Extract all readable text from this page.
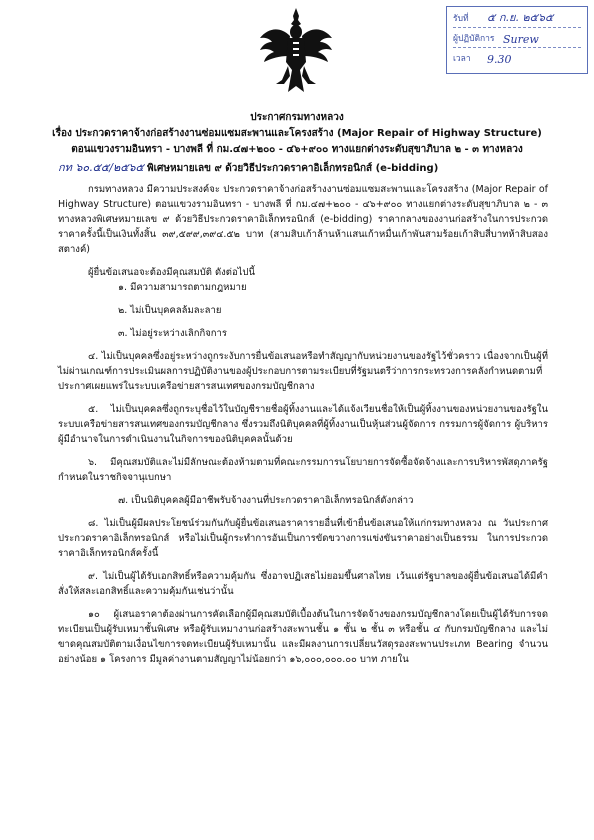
รับที่ ๕ ก.ย. ๒๕๖๕
ผู้ปฏิบัติการ Surew
เวลา 9.30
ประกาศกรมทางหลวง
เรื่อง ประกวดราคาจ้างก่อสร้างงานซ่อมแซมสะพานและโครงสร้าง (Major Repair of Highway Structure)
ตอนแขวงรามอินทรา - บางพลี ที่ กม.๔๗+๒๐๐ - ๔๖+๙๐๐ ทางแยกต่างระดับสุขาภิบาล ๒ - ๓ ทางหลวง
กท ๖๐.๕๕/๒๕๖๕ พิเศษหมายเลข ๙ ด้วยวิธีประกวดราคาอิเล็กทรอนิกส์ (e-bidding)

กรมทางหลวง มีความประสงค์จะ ประกวดราคาจ้างก่อสร้างงานซ่อมแซมสะพานและโครงสร้าง (Major Repair of Highway Structure) ตอนแขวงรามอินทรา - บางพลี ที่ กม.๔๗+๒๐๐ - ๔๖+๙๐๐ ทางแยกต่างระดับสุขาภิบาล ๒ - ๓ ทางหลวงพิเศษหมายเลข ๙ ด้วยวิธีประกวดราคาอิเล็กทรอนิกส์ (e-bidding) ราคากลางของงานก่อสร้างในการประกวดราคาครั้งนี้เป็นเงินทั้งสิ้น ๓๙,๕๙๙,๓๙๔.๕๒ บาท (สามสิบเก้าล้านห้าแสนเก้าหมื่นเก้าพันสามร้อยเก้าสิบสี่บาทห้าสิบสองสตางค์)

ผู้ยื่นข้อเสนอจะต้องมีคุณสมบัติ ดังต่อไปนี้

๑. มีความสามารถตามกฎหมาย

๒. ไม่เป็นบุคคลล้มละลาย

๓. ไม่อยู่ระหว่างเลิกกิจการ

๔. ไม่เป็นบุคคลซึ่งอยู่ระหว่างถูกระงับการยื่นข้อเสนอหรือทำสัญญากับหน่วยงานของรัฐไว้ชั่วคราว เนื่องจากเป็นผู้ที่ไม่ผ่านเกณฑ์การประเมินผลการปฏิบัติงานของผู้ประกอบการตามระเบียบที่รัฐมนตรีว่าการกระทรวงการคลังกำหนดตามที่ประกาศเผยแพร่ในระบบเครือข่ายสารสนเทศของกรมบัญชีกลาง

๕. ไม่เป็นบุคคลซึ่งถูกระบุชื่อไว้ในบัญชีรายชื่อผู้ทิ้งงานและได้แจ้งเวียนชื่อให้เป็นผู้ทิ้งงานของหน่วยงานของรัฐในระบบเครือข่ายสารสนเทศของกรมบัญชีกลาง ซึ่งรวมถึงนิติบุคคลที่ผู้ทิ้งงานเป็นหุ้นส่วนผู้จัดการ กรรมการผู้จัดการ ผู้บริหาร ผู้มีอำนาจในการดำเนินงานในกิจการของนิติบุคคลนั้นด้วย

๖. มีคุณสมบัติและไม่มีลักษณะต้องห้ามตามที่คณะกรรมการนโยบายการจัดซื้อจัดจ้างและการบริหารพัสดุภาครัฐกำหนดในราชกิจจานุเบกษา

๗. เป็นนิติบุคคลผู้มีอาชีพรับจ้างงานที่ประกวดราคาอิเล็กทรอนิกส์ดังกล่าว

๘. ไม่เป็นผู้มีผลประโยชน์ร่วมกันกับผู้ยื่นข้อเสนอราคารายอื่นที่เข้ายื่นข้อเสนอให้แก่กรมทางหลวง ณ วันประกาศประกวดราคาอิเล็กทรอนิกส์ หรือไม่เป็นผู้กระทำการอันเป็นการขัดขวางการแข่งขันราคาอย่างเป็นธรรม ในการประกวดราคาอิเล็กทรอนิกส์ครั้งนี้

๙. ไม่เป็นผู้ได้รับเอกสิทธิ์หรือความคุ้มกัน ซึ่งอาจปฏิเสธไม่ยอมขึ้นศาลไทย เว้นแต่รัฐบาลของผู้ยื่นข้อเสนอได้มีคำสั่งให้สละเอกสิทธิ์และความคุ้มกันเช่นว่านั้น

๑๐ ผู้เสนอราคาต้องผ่านการคัดเลือกผู้มีคุณสมบัติเบื้องต้นในการจัดจ้างของกรมบัญชีกลางโดยเป็นผู้ได้รับการจดทะเบียนเป็นผู้รับเหมาชั้นพิเศษ หรือผู้รับเหมางานก่อสร้างสะพานชั้น ๑ ชั้น ๒ ชั้น ๓ หรือชั้น ๔ กับกรมบัญชีกลาง และไม่ขาดคุณสมบัติตามเงื่อนไขการจดทะเบียนผู้รับเหมานั้น และมีผลงานการเปลี่ยนวัสดุรองสะพานประเภท Bearing จำนวนอย่างน้อย ๑ โครงการ มีมูลค่างานตามสัญญาไม่น้อยกว่า ๑๖,๐๐๐,๐๐๐.๐๐ บาท ภายใน
